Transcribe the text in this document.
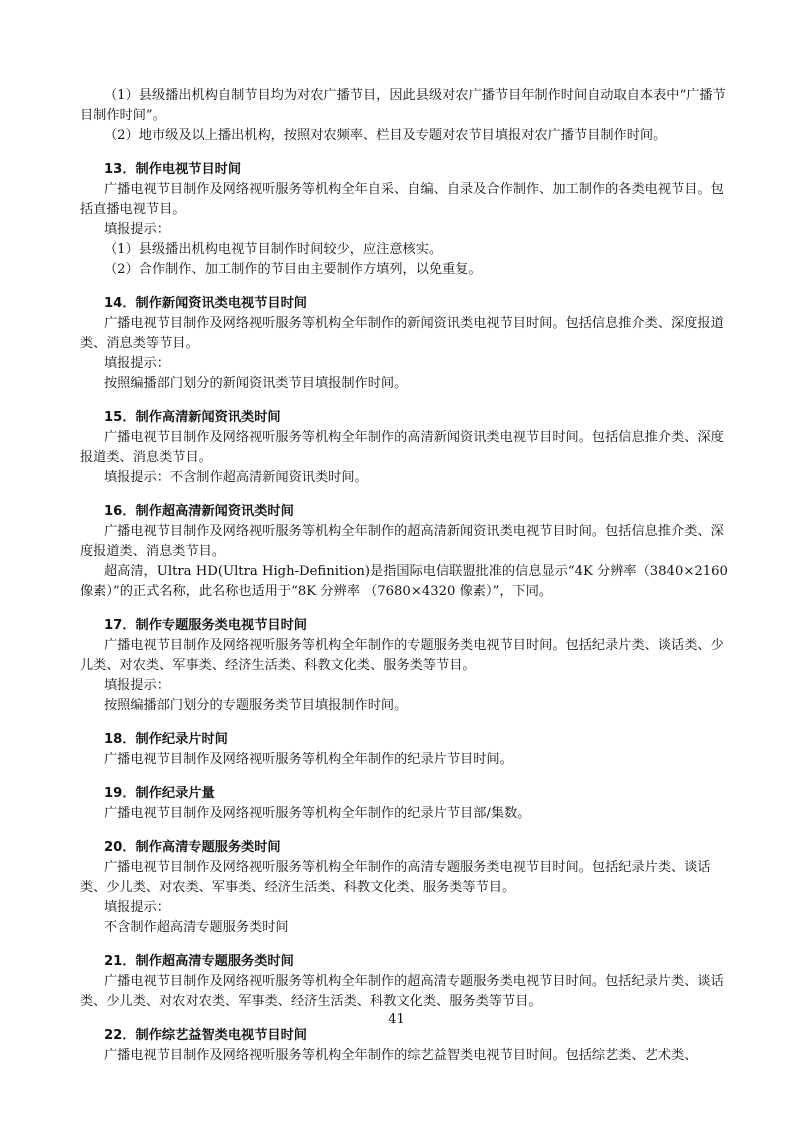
（1）县级播出机构自制节目均为对农广播节目，因此县级对农广播节目年制作时间自动取自本表中“广播节目制作时间”。

（2）地市级及以上播出机构，按照对农频率、栏目及专题对农节目填报对农广播节目制作时间。

13．制作电视节目时间

广播电视节目制作及网络视听服务等机构全年自采、自编、自录及合作制作、加工制作的各类电视节目。包括直播电视节目。

填报提示：

（1）县级播出机构电视节目制作时间较少，应注意核实。

（2）合作制作、加工制作的节目由主要制作方填列，以免重复。

14．制作新闻资讯类电视节目时间

广播电视节目制作及网络视听服务等机构全年制作的新闻资讯类电视节目时间。包括信息推介类、深度报道类、消息类等节目。

填报提示：

按照编播部门划分的新闻资讯类节目填报制作时间。

15．制作高清新闻资讯类时间

广播电视节目制作及网络视听服务等机构全年制作的高清新闻资讯类电视节目时间。包括信息推介类、深度报道类、消息类节目。

填报提示：不含制作超高清新闻资讯类时间。

16．制作超高清新闻资讯类时间

广播电视节目制作及网络视听服务等机构全年制作的超高清新闻资讯类电视节目时间。包括信息推介类、深度报道类、消息类节目。

超高清，Ultra HD(Ultra High-Definition)是指国际电信联盟批准的信息显示“4K 分辨率（3840×2160 像素）”的正式名称，此名称也适用于“8K 分辨率 （7680×4320 像素）”，下同。

17．制作专题服务类电视节目时间

广播电视节目制作及网络视听服务等机构全年制作的专题服务类电视节目时间。包括纪录片类、谈话类、少儿类、对农类、军事类、经济生活类、科教文化类、服务类等节目。

填报提示：

按照编播部门划分的专题服务类节目填报制作时间。

18．制作纪录片时间

广播电视节目制作及网络视听服务等机构全年制作的纪录片节目时间。

19．制作纪录片量

广播电视节目制作及网络视听服务等机构全年制作的纪录片节目部/集数。

20．制作高清专题服务类时间

广播电视节目制作及网络视听服务等机构全年制作的高清专题服务类电视节目时间。包括纪录片类、谈话类、少儿类、对农类、军事类、经济生活类、科教文化类、服务类等节目。

填报提示：

不含制作超高清专题服务类时间

21．制作超高清专题服务类时间

广播电视节目制作及网络视听服务等机构全年制作的超高清专题服务类电视节目时间。包括纪录片类、谈话类、少儿类、对农对农类、军事类、经济生活类、科教文化类、服务类等节目。

22．制作综艺益智类电视节目时间

广播电视节目制作及网络视听服务等机构全年制作的综艺益智类电视节目时间。包括综艺类、艺术类、

41
